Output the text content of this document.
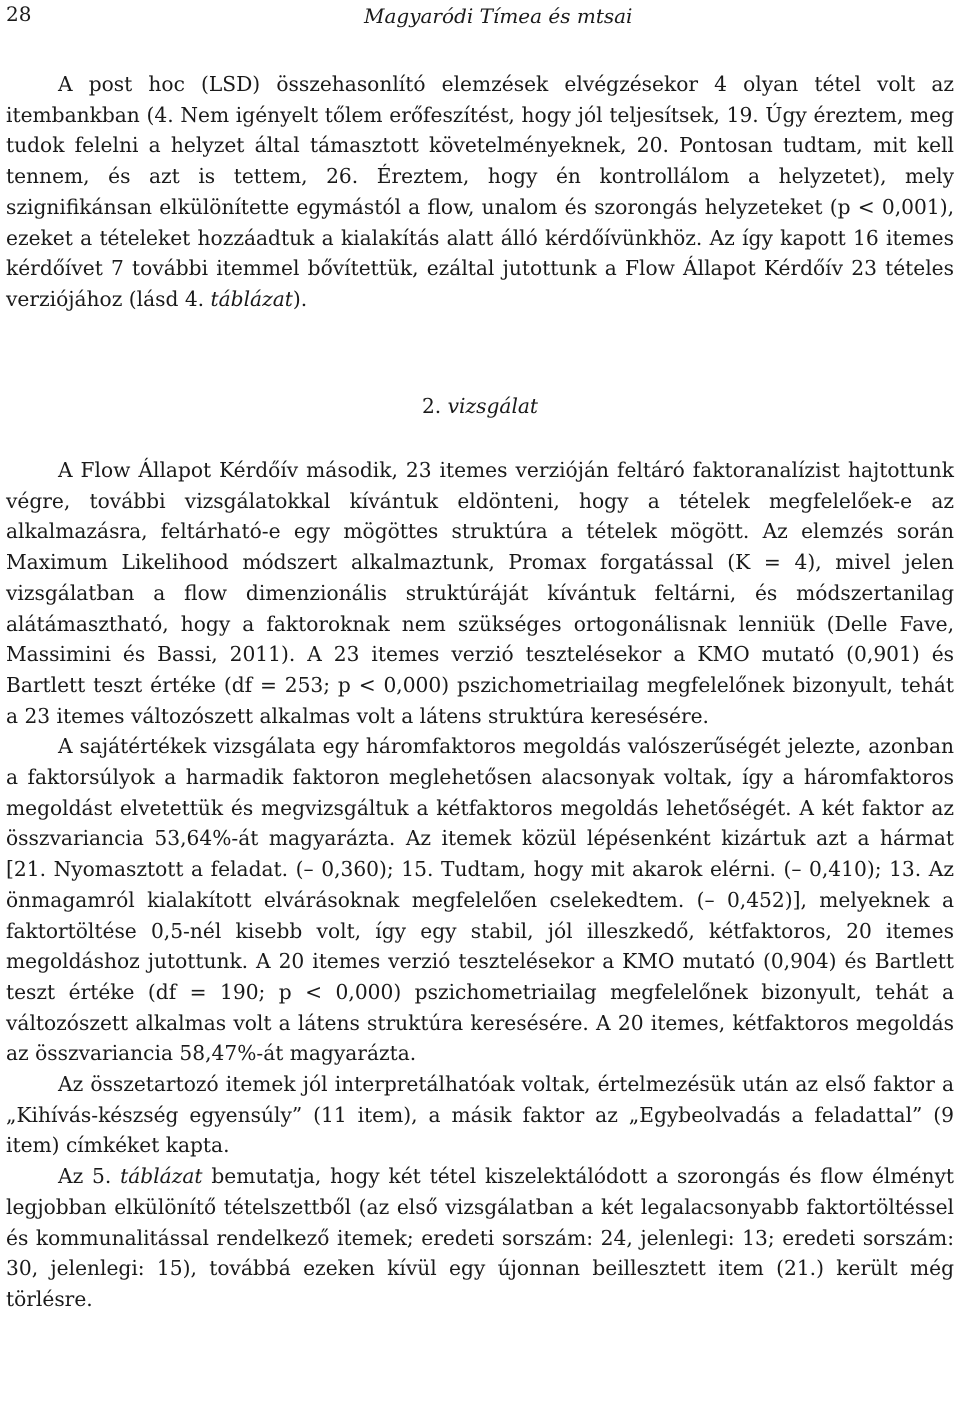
28	Magyaródi Tímea és mtsai

A post hoc (LSD) összehasonlító elemzések elvégzésekor 4 olyan tétel volt az itembankban (4. Nem igényelt tőlem erőfeszítést, hogy jól teljesítsek, 19. Úgy éreztem, meg tudok felelni a helyzet által támasztott követelményeknek, 20. Pontosan tudtam, mit kell tennem, és azt is tettem, 26. Éreztem, hogy én kontrollálom a helyzetet), mely szignifikánsan elkülönítette egymástól a flow, unalom és szorongás helyzeteket (p < 0,001), ezeket a tételeket hozzáadtuk a kialakítás alatt álló kérdőívünkhöz. Az így kapott 16 itemes kérdőívet 7 további itemmel bővítettük, ezáltal jutottunk a Flow Állapot Kérdőív 23 tételes verziójához (lásd 4. táblázat).

2. vizsgálat

A Flow Állapot Kérdőív második, 23 itemes verzióján feltáró faktoranalízist hajtottunk végre, további vizsgálatokkal kívántuk eldönteni, hogy a tételek megfelelőek-e az alkalmazásra, feltárható-e egy mögöttes struktúra a tételek mögött. Az elemzés során Maximum Likelihood módszert alkalmaztunk, Promax forgatással (K = 4), mivel jelen vizsgálatban a flow dimenzionális struktúráját kívántuk feltárni, és módszertanilag alátámasztható, hogy a faktoroknak nem szükséges ortogonálisnak lenniük (Delle Fave, Massimini és Bassi, 2011). A 23 itemes verzió tesztelésekor a KMO mutató (0,901) és Bartlett teszt értéke (df = 253; p < 0,000) pszichometriailag megfelelőnek bizonyult, tehát a 23 itemes változószett alkalmas volt a látens struktúra keresésére.

A sajátértékek vizsgálata egy háromfaktoros megoldás valószerűségét jelezte, azonban a faktorsúlyok a harmadik faktoron meglehetősen alacsonyak voltak, így a háromfaktoros megoldást elvetettük és megvizsgáltuk a kétfaktoros megoldás lehetőségét. A két faktor az összvariancia 53,64%-át magyarázta. Az itemek közül lépésenként kizártuk azt a hármat [21. Nyomasztott a feladat. (– 0,360); 15. Tudtam, hogy mit akarok elérni. (– 0,410); 13. Az önmagamról kialakított elvárásoknak megfelelően cselekedtem. (– 0,452)], melyeknek a faktortöltése 0,5-nél kisebb volt, így egy stabil, jól illeszkedő, kétfaktoros, 20 itemes megoldáshoz jutottunk. A 20 itemes verzió tesztelésekor a KMO mutató (0,904) és Bartlett teszt értéke (df = 190; p < 0,000) pszichometriailag megfelelőnek bizonyult, tehát a változószett alkalmas volt a látens struktúra keresésére. A 20 itemes, kétfaktoros megoldás az összvariancia 58,47%-át magyarázta.

Az összetartozó itemek jól interpretálhatóak voltak, értelmezésük után az első faktor a „Kihívás-készség egyensúly” (11 item), a másik faktor az „Egybeolvadás a feladattal” (9 item) címkéket kapta.

Az 5. táblázat bemutatja, hogy két tétel kiszelektálódott a szorongás és flow élményt legjobban elkülönítő tételszettből (az első vizsgálatban a két legalacsonyabb faktortöltéssel és kommunalitással rendelkező itemek; eredeti sorszám: 24, jelenlegi: 13; eredeti sorszám: 30, jelenlegi: 15), továbbá ezeken kívül egy újonnan beillesztett item (21.) került még törlésre.
